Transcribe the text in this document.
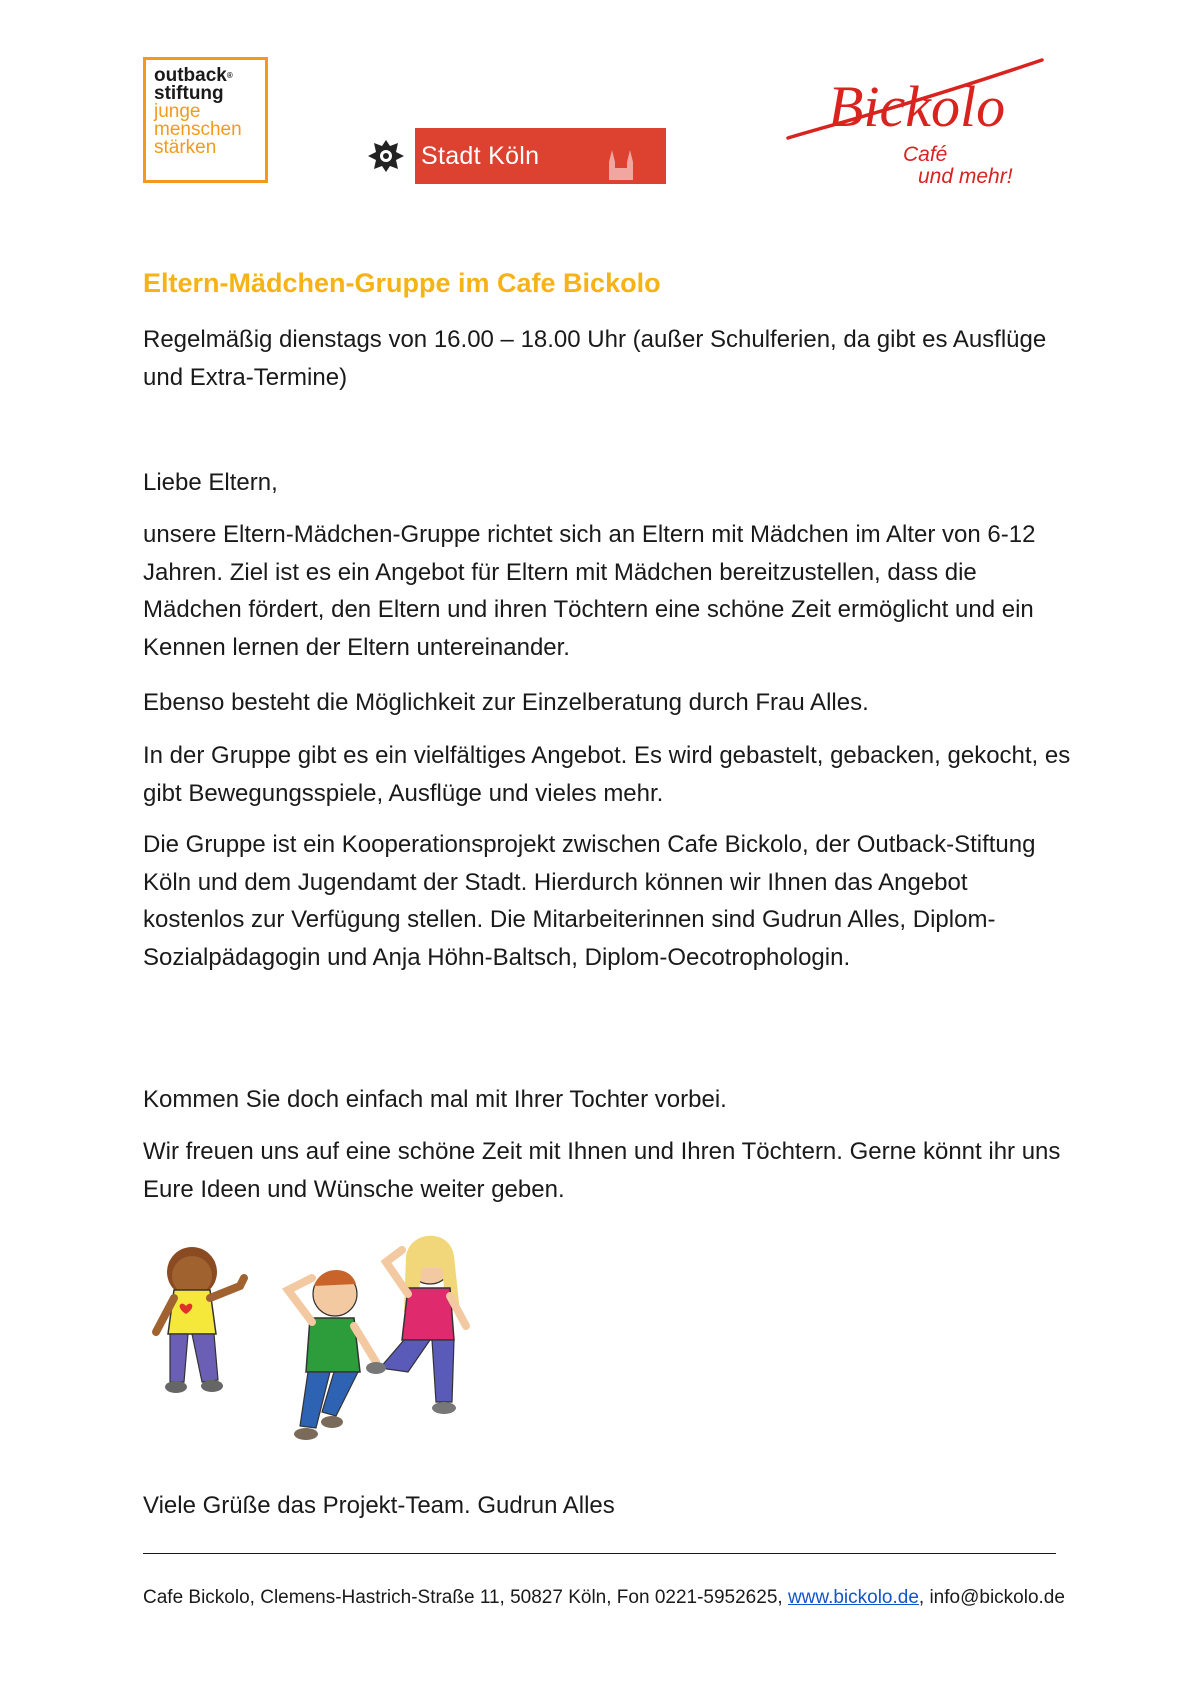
outback®
stiftung
junge
menschen
stärken	Stadt Köln
Bickolo
Café
und mehr!
Eltern-Mädchen-Gruppe im Cafe Bickolo

Regelmäßig dienstags von 16.00 – 18.00 Uhr (außer Schulferien, da gibt es Ausflüge und Extra-Termine)

Liebe Eltern,

unsere Eltern-Mädchen-Gruppe richtet sich an Eltern mit Mädchen im Alter von 6-12 Jahren. Ziel ist es ein Angebot für Eltern mit Mädchen bereitzustellen, dass die Mädchen fördert, den Eltern und ihren Töchtern eine schöne Zeit ermöglicht und ein Kennen lernen der Eltern untereinander.

Ebenso besteht die Möglichkeit zur Einzelberatung durch Frau Alles.

In der Gruppe gibt es ein vielfältiges Angebot. Es wird gebastelt, gebacken, gekocht, es gibt Bewegungsspiele, Ausflüge und vieles mehr.

Die Gruppe ist ein Kooperationsprojekt zwischen Cafe Bickolo, der Outback-Stiftung Köln und dem Jugendamt der Stadt. Hierdurch können wir Ihnen das Angebot kostenlos zur Verfügung stellen. Die Mitarbeiterinnen sind Gudrun Alles, Diplom-Sozialpädagogin und Anja Höhn-Baltsch, Diplom-Oecotrophologin.

Kommen Sie doch einfach mal mit Ihrer Tochter vorbei.

Wir freuen uns auf eine schöne Zeit mit Ihnen und Ihren Töchtern. Gerne könnt ihr uns Eure Ideen und Wünsche weiter geben.

Viele Grüße das Projekt-Team. Gudrun Alles

Cafe Bickolo, Clemens-Hastrich-Straße 11, 50827 Köln, Fon 0221-5952625, www.bickolo.de, info@bickolo.de
